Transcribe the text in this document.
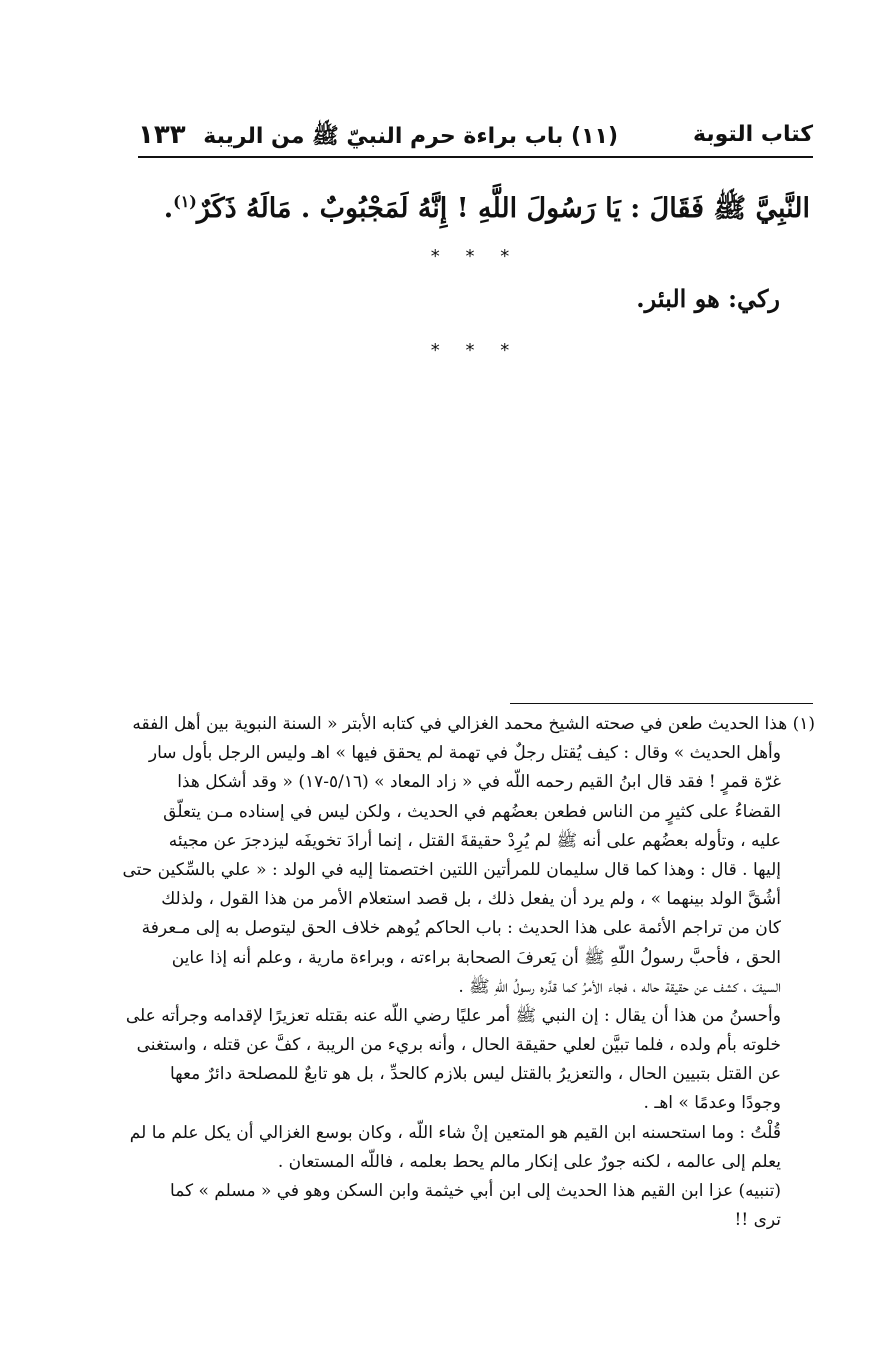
كتاب التوبة
(١١) باب براءة حرم النبيّ ﷺ من الريبة
١٣٣
النَّبِيَّ ﷺ فَقَالَ : يَا رَسُولَ اللَّهِ ! إِنَّهُ لَمَجْبُوبٌ . مَالَهُ ذَكَرٌ$^{(١)}$.
* * *
ركي: هو البئر.
* * *
(١) هذا الحديث طعن في صحته الشيخ محمد الغزالي في كتابه الأبتر « السنة النبوية بين أهل الفقه
وأهل الحديث » وقال : كيف يُقتل رجلٌ في تهمة لم يحقق فيها » اهـ وليس الرجل بأول سار
غرّة قمرٍ ! فقد قال ابنُ القيم رحمه اللّه في « زاد المعاد » (٥/١٦-١٧) « وقد أشكل هذا
القضاءُ على كثيرٍ من الناس فطعن بعضُهم في الحديث ، ولكن ليس في إسناده مـن يتعلّق
عليه ، وتأوله بعضُهم على أنه ﷺ لم يُرِدْ حقيقةَ القتل ، إنما أرادَ تخويفَه ليزدجرَ عن مجيئه
إليها . قال : وهذا كما قال سليمان للمرأتين اللتين اختصمتا إليه في الولد : « علي بالسِّكين حتى
أشُقَّ الولد بينهما » ، ولم يرد أن يفعل ذلك ، بل قصد استعلام الأمر من هذا القول ، ولذلك
كان من تراجم الأئمة على هذا الحديث : باب الحاكم يُوهم خلاف الحق ليتوصل به إلى مـعرفة
الحق ، فأحبَّ رسولُ اللّهِ ﷺ أن يَعرفَ الصحابة براءته ، وبراءة مارية ، وعلم أنه إذا عاين
السيفَ ، كشف عن حقيقة حاله ، فجاء الأمرُ كما قدَّره رسولُ اللّهِ ﷺ .
وأحسنُ من هذا أن يقال : إن النبي ﷺ أمر عليًا رضي اللّه عنه بقتله تعزيرًا لإقدامه وجرأته على
خلوته بأم ولده ، فلما تبيَّن لعلي حقيقة الحال ، وأنه بريء من الريبة ، كفَّ عن قتله ، واستغنى
عن القتل بتبيين الحال ، والتعزيرُ بالقتل ليس بلازم كالحدِّ ، بل هو تابعٌ للمصلحة دائرٌ معها
وجودًا وعدمًا » اهـ .
قُلْتُ : وما استحسنه ابن القيم هو المتعين إنْ شاء اللّه ، وكان بوسع الغزالي أن يكل علم ما لم
يعلم إلى عالمه ، لكنه جورٌ على إنكار مالم يحط بعلمه ، فاللّه المستعان .
(تنبيه) عزا ابن القيم هذا الحديث إلى ابن أبي خيثمة وابن السكن وهو في « مسلم » كما
ترى !!
